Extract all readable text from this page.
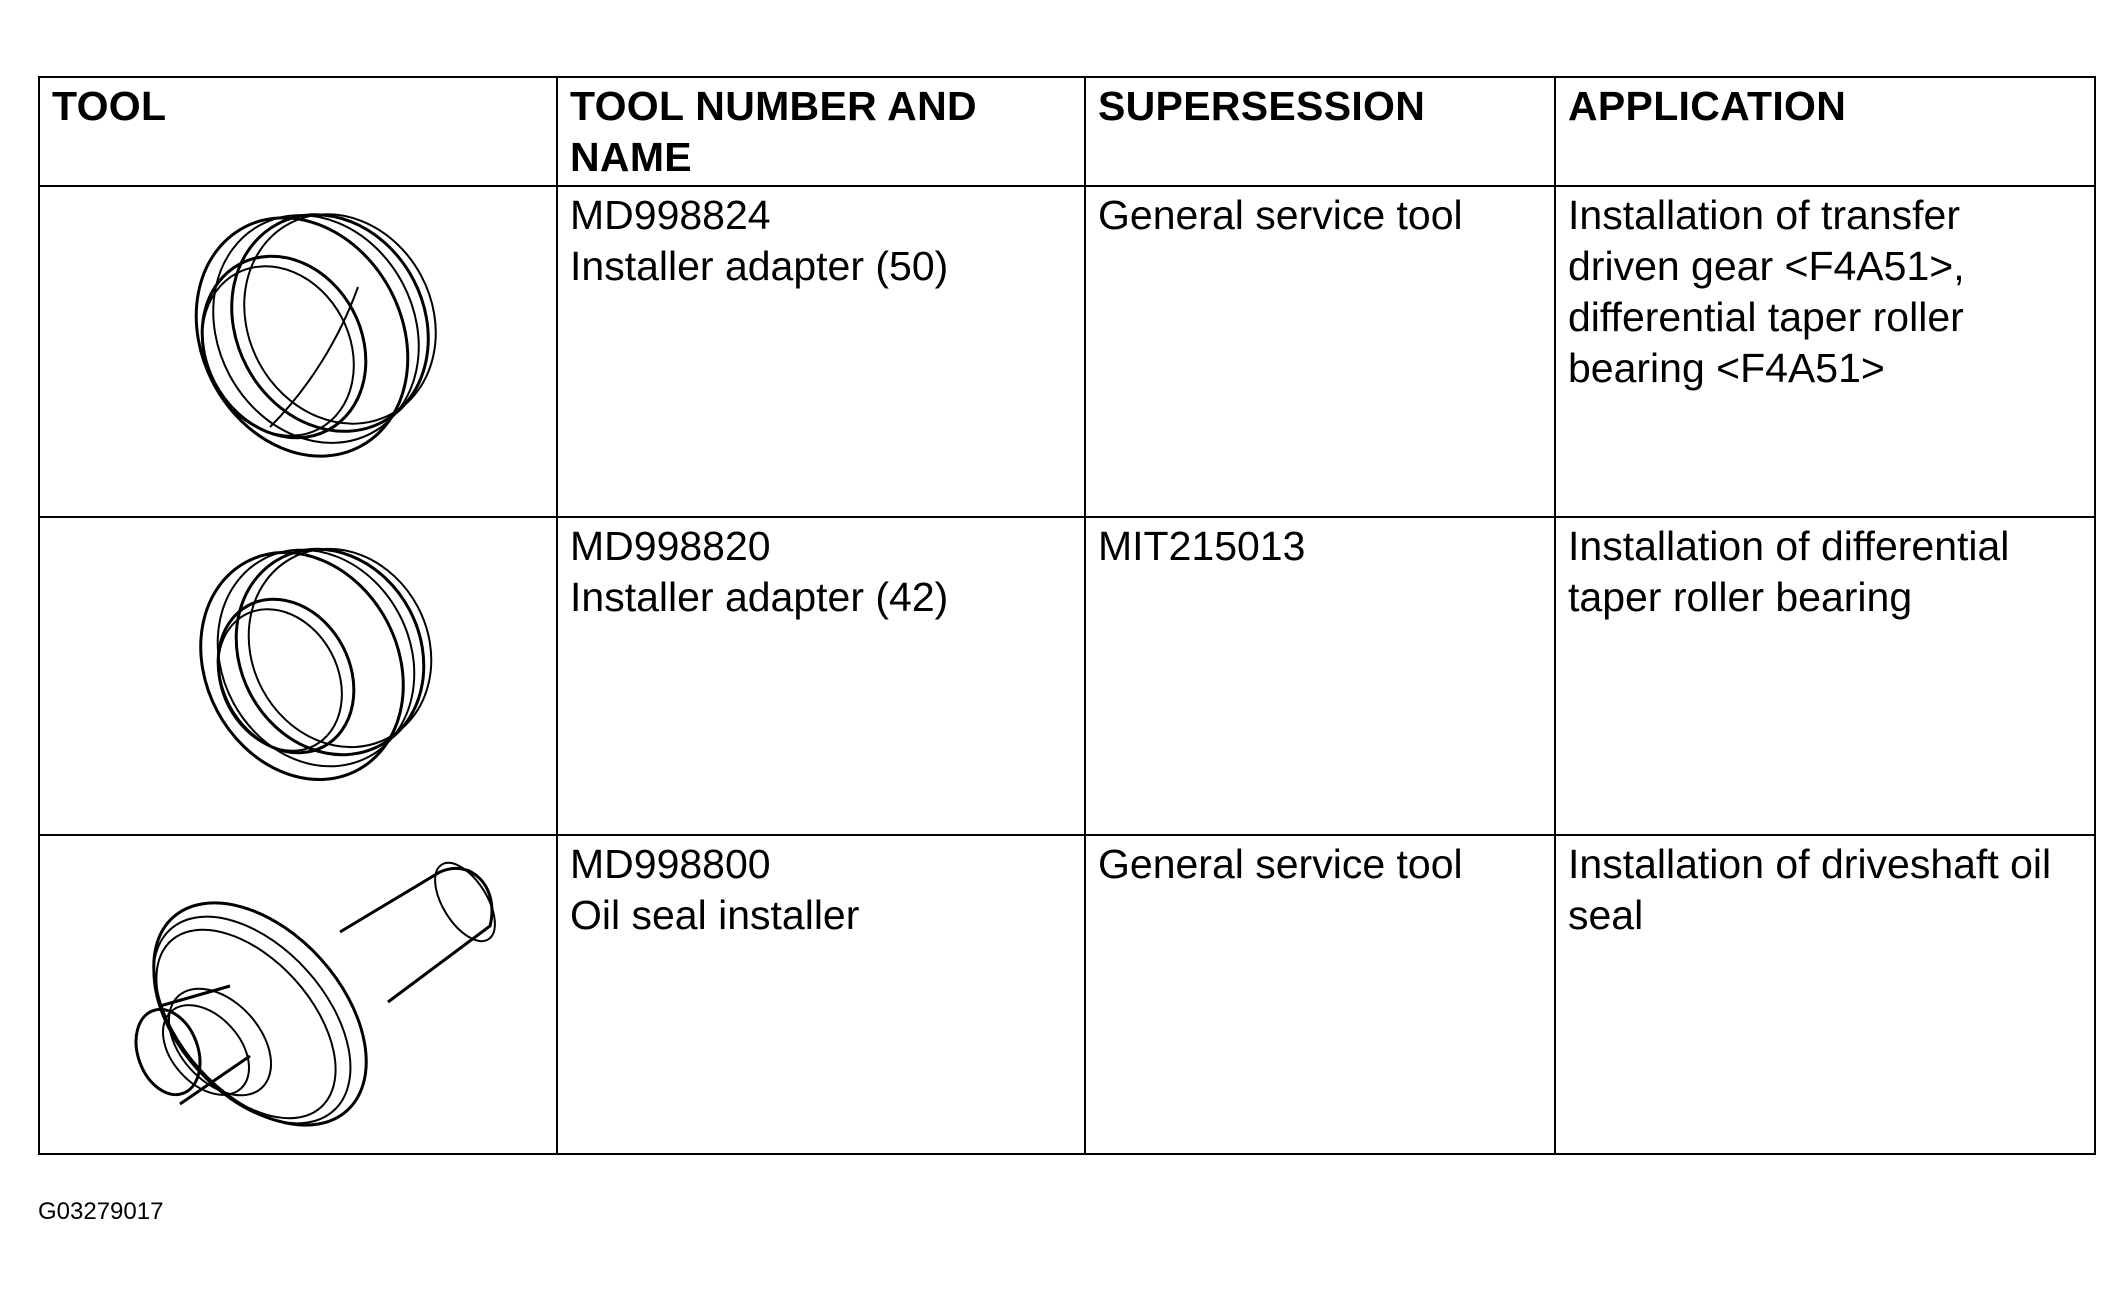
TOOL	TOOL NUMBER AND NAME	SUPERSESSION	APPLICATION

MD998824
Installer adapter (50)	General service tool	Installation of transfer driven gear <F4A51>, differential taper roller bearing <F4A51>

MD998820
Installer adapter (42)	MIT215013	Installation of differential taper roller bearing

MD998800
Oil seal installer	General service tool	Installation of driveshaft oil seal
G03279017
